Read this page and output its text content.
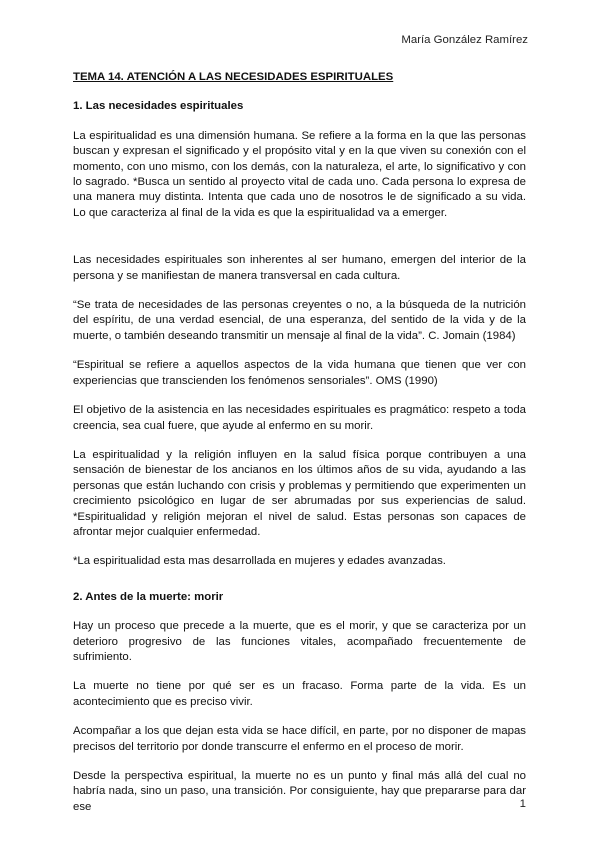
María González Ramírez
TEMA 14. ATENCIÓN A LAS NECESIDADES ESPIRITUALES
1. Las necesidades espirituales

La espiritualidad es una dimensión humana. Se refiere a la forma en la que las personas buscan y expresan el significado y el propósito vital y en la que viven su conexión con el momento, con uno mismo, con los demás, con la naturaleza, el arte, lo significativo y con lo sagrado. *Busca un sentido al proyecto vital de cada uno. Cada persona lo expresa de una manera muy distinta. Intenta que cada uno de nosotros le de significado a su vida. Lo que caracteriza al final de la vida es que la espiritualidad va a emerger.

Las necesidades espirituales son inherentes al ser humano, emergen del interior de la persona y se manifiestan de manera transversal en cada cultura.

“Se trata de necesidades de las personas creyentes o no, a la búsqueda de la nutrición del espíritu, de una verdad esencial, de una esperanza, del sentido de la vida y de la muerte, o también deseando transmitir un mensaje al final de la vida”. C. Jomain (1984)

“Espiritual se refiere a aquellos aspectos de la vida humana que tienen que ver con experiencias que transcienden los fenómenos sensoriales”. OMS (1990)

El objetivo de la asistencia en las necesidades espirituales es pragmático: respeto a toda creencia, sea cual fuere, que ayude al enfermo en su morir.

La espiritualidad y la religión influyen en la salud física porque contribuyen a una sensación de bienestar de los ancianos en los últimos años de su vida, ayudando a las personas que están luchando con crisis y problemas y permitiendo que experimenten un crecimiento psicológico en lugar de ser abrumadas por sus experiencias de salud. *Espiritualidad y religión mejoran el nivel de salud. Estas personas son capaces de afrontar mejor cualquier enfermedad.

*La espiritualidad esta mas desarrollada en mujeres y edades avanzadas.

2. Antes de la muerte: morir

Hay un proceso que precede a la muerte, que es el morir, y que se caracteriza por un deterioro progresivo de las funciones vitales, acompañado frecuentemente de sufrimiento.

La muerte no tiene por qué ser es un fracaso. Forma parte de la vida. Es un acontecimiento que es preciso vivir.

Acompañar a los que dejan esta vida se hace difícil, en parte, por no disponer de mapas precisos del territorio por donde transcurre el enfermo en el proceso de morir.

Desde la perspectiva espiritual, la muerte no es un punto y final más allá del cual no habría nada, sino un paso, una transición. Por consiguiente, hay que prepararse para dar ese	1
